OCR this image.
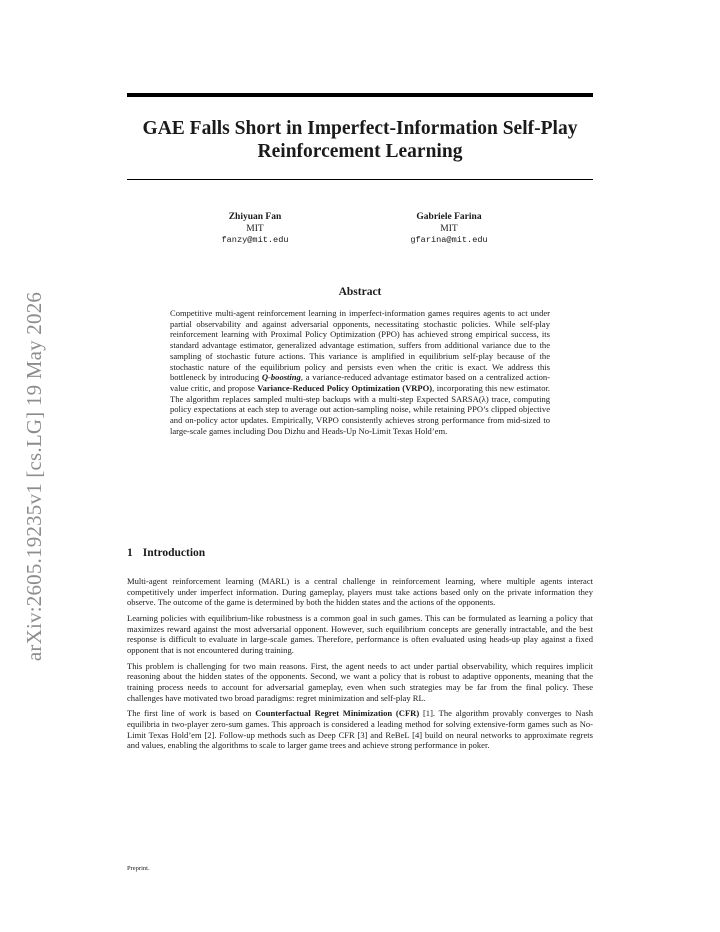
arXiv:2605.19235v1 [cs.LG] 19 May 2026
GAE Falls Short in Imperfect-Information Self-Play
Reinforcement Learning
Zhiyuan Fan
MIT
fanzy@mit.edu
Gabriele Farina
MIT
gfarina@mit.edu
Abstract
Competitive multi-agent reinforcement learning in imperfect-information games requires agents to act under partial observability and against adversarial opponents, necessitating stochastic policies. While self-play reinforcement learning with Proximal Policy Optimization (PPO) has achieved strong empirical success, its standard advantage estimator, generalized advantage estimation, suffers from additional variance due to the sampling of stochastic future actions. This variance is amplified in equilibrium self-play because of the stochastic nature of the equilibrium policy and persists even when the critic is exact. We address this bottleneck by introducing Q-boosting, a variance-reduced advantage estimator based on a centralized action-value critic, and propose Variance-Reduced Policy Optimization (VRPO), incorporating this new estimator. The algorithm replaces sampled multi-step backups with a multi-step Expected SARSA(λ) trace, computing policy expectations at each step to average out action-sampling noise, while retaining PPO’s clipped objective and on-policy actor updates. Empirically, VRPO consistently achieves strong performance from mid-sized to large-scale games including Dou Dizhu and Heads-Up No-Limit Texas Hold’em.
1 Introduction

Multi-agent reinforcement learning (MARL) is a central challenge in reinforcement learning, where multiple agents interact competitively under imperfect information. During gameplay, players must take actions based only on the private information they observe. The outcome of the game is determined by both the hidden states and the actions of the opponents.

Learning policies with equilibrium-like robustness is a common goal in such games. This can be formulated as learning a policy that maximizes reward against the most adversarial opponent. However, such equilibrium concepts are generally intractable, and the best response is difficult to evaluate in large-scale games. Therefore, performance is often evaluated using heads-up play against a fixed opponent that is not encountered during training.

This problem is challenging for two main reasons. First, the agent needs to act under partial observability, which requires implicit reasoning about the hidden states of the opponents. Second, we want a policy that is robust to adaptive opponents, meaning that the training process needs to account for adversarial gameplay, even when such strategies may be far from the final policy. These challenges have motivated two broad paradigms: regret minimization and self-play RL.

The first line of work is based on Counterfactual Regret Minimization (CFR) [1]. The algorithm provably converges to Nash equilibria in two-player zero-sum games. This approach is considered a leading method for solving extensive-form games such as No-Limit Texas Hold’em [2]. Follow-up methods such as Deep CFR [3] and ReBeL [4] build on neural networks to approximate regrets and values, enabling the algorithms to scale to larger game trees and achieve strong performance in poker.

Preprint.
